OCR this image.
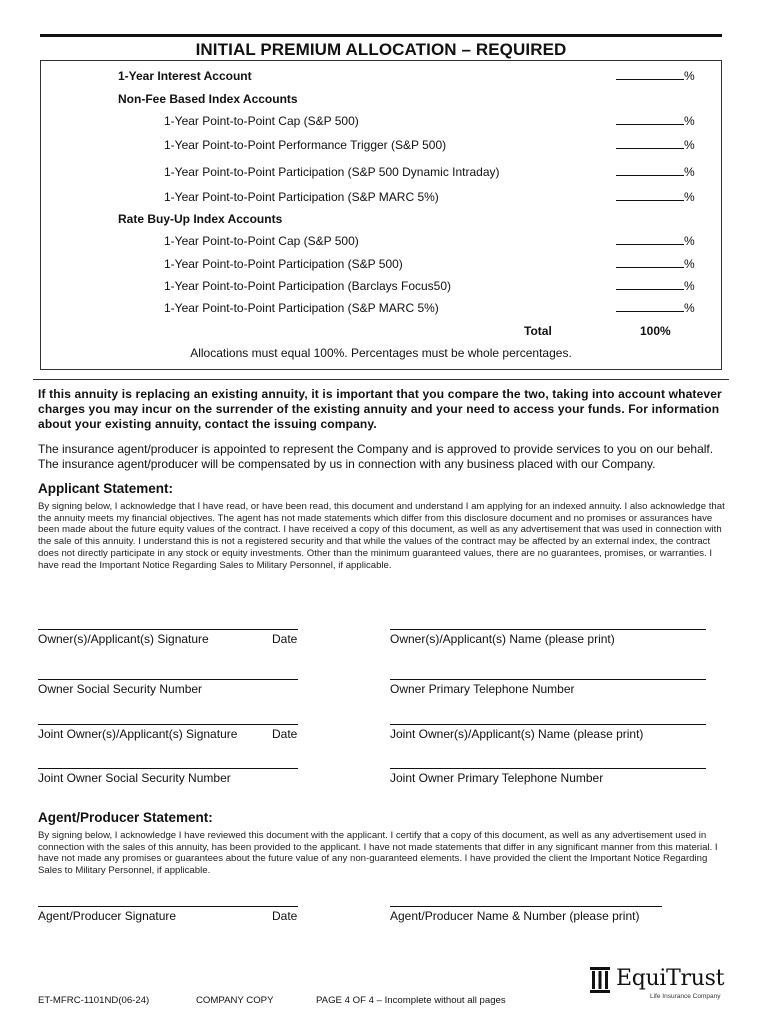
INITIAL PREMIUM ALLOCATION – REQUIRED
1-Year Interest Account	%
Non-Fee Based Index Accounts
1-Year Point-to-Point Cap (S&P 500)	%
1-Year Point-to-Point Performance Trigger (S&P 500)	%
1-Year Point-to-Point Participation (S&P 500 Dynamic Intraday)	%
1-Year Point-to-Point Participation (S&P MARC 5%)	%
Rate Buy-Up Index Accounts
1-Year Point-to-Point Cap (S&P 500)	%
1-Year Point-to-Point Participation (S&P 500)	%
1-Year Point-to-Point Participation (Barclays Focus50)	%
1-Year Point-to-Point Participation (S&P MARC 5%)	%
Total	100%
Allocations must equal 100%. Percentages must be whole percentages.
If this annuity is replacing an existing annuity, it is important that you compare the two, taking into account whatever charges you may incur on the surrender of the existing annuity and your need to access your funds. For information about your existing annuity, contact the issuing company.
The insurance agent/producer is appointed to represent the Company and is approved to provide services to you on our behalf. The insurance agent/producer will be compensated by us in connection with any business placed with our Company.
Applicant Statement:
By signing below, I acknowledge that I have read, or have been read, this document and understand I am applying for an indexed annuity. I also acknowledge that the annuity meets my financial objectives. The agent has not made statements which differ from this disclosure document and no promises or assurances have been made about the future equity values of the contract. I have received a copy of this document, as well as any advertisement that was used in connection with the sale of this annuity. I understand this is not a registered security and that while the values of the contract may be affected by an external index, the contract does not directly participate in any stock or equity investments. Other than the minimum guaranteed values, there are no guarantees, promises, or warranties. I have read the Important Notice Regarding Sales to Military Personnel, if applicable.
Owner(s)/Applicant(s) Signature	Date	Owner(s)/Applicant(s) Name (please print)
Owner Social Security Number	Owner Primary Telephone Number
Joint Owner(s)/Applicant(s) Signature	Date	Joint Owner(s)/Applicant(s) Name (please print)
Joint Owner Social Security Number	Joint Owner Primary Telephone Number
Agent/Producer Statement:
By signing below, I acknowledge I have reviewed this document with the applicant. I certify that a copy of this document, as well as any advertisement used in connection with the sales of this annuity, has been provided to the applicant. I have not made statements that differ in any significant manner from this material. I have not made any promises or guarantees about the future value of any non-guaranteed elements. I have provided the client the Important Notice Regarding Sales to Military Personnel, if applicable.
Agent/Producer Signature	Date	Agent/Producer Name & Number (please print)
ET-MFRC-1101ND(06-24)	COMPANY COPY	PAGE 4 OF 4 – Incomplete without all pages
EquiTrust
Life Insurance Company
